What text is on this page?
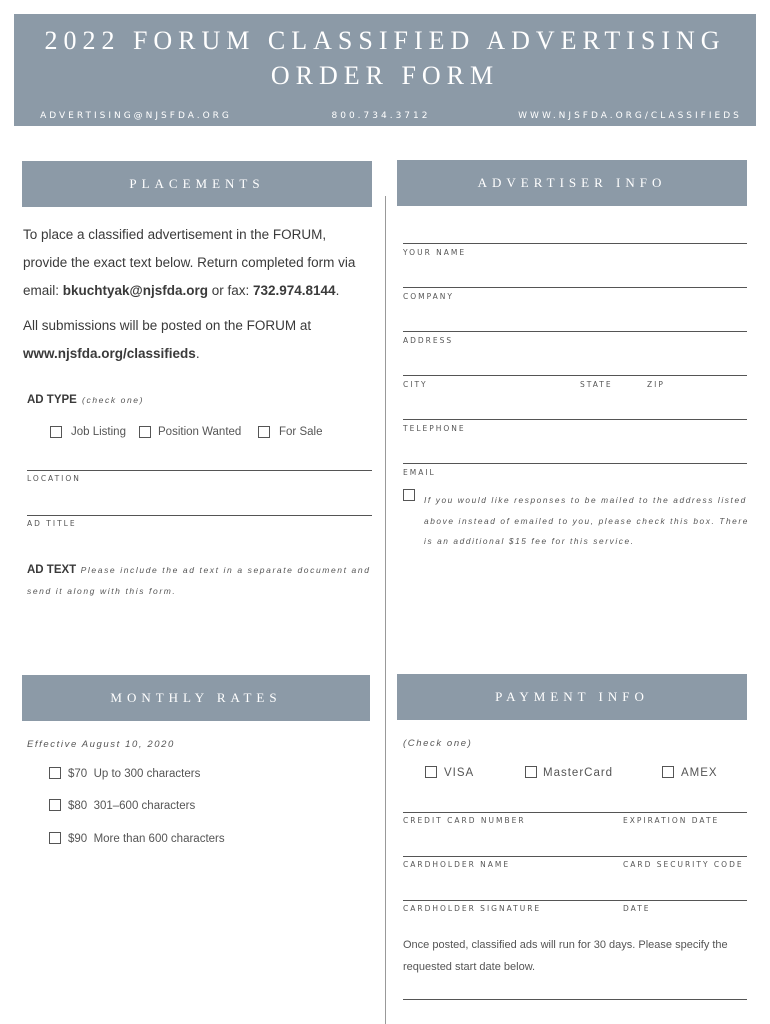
2022 FORUM CLASSIFIED ADVERTISING
ORDER FORM
ADVERTISING@NJSFDA.ORG	800.734.3712	WWW.NJSFDA.ORG/CLASSIFIEDS
PLACEMENTS
To place a classified advertisement in the FORUM,
provide the exact text below. Return completed form via
email: bkuchtyak@njsfda.org or fax: 732.974.8144.
All submissions will be posted on the FORUM at
www.njsfda.org/classifieds.
AD TYPE (check one)
Job Listing	Position Wanted	For Sale
LOCATION
AD TITLE
AD TEXT Please include the ad text in a separate document and
send it along with this form.
ADVERTISER INFO
YOUR NAME
COMPANY
ADDRESS
CITY	STATE	ZIP
TELEPHONE
EMAIL
If you would like responses to be mailed to the address listed
above instead of emailed to you, please check this box. There
is an additional $15 fee for this service.
MONTHLY RATES
Effective August 10, 2020
$70 Up to 300 characters
$80 301–600 characters
$90 More than 600 characters
PAYMENT INFO
(Check one)
VISA	MasterCard	AMEX
CREDIT CARD NUMBER	EXPIRATION DATE
CARDHOLDER NAME	CARD SECURITY CODE
CARDHOLDER SIGNATURE	DATE
Once posted, classified ads will run for 30 days. Please specify the
requested start date below.
